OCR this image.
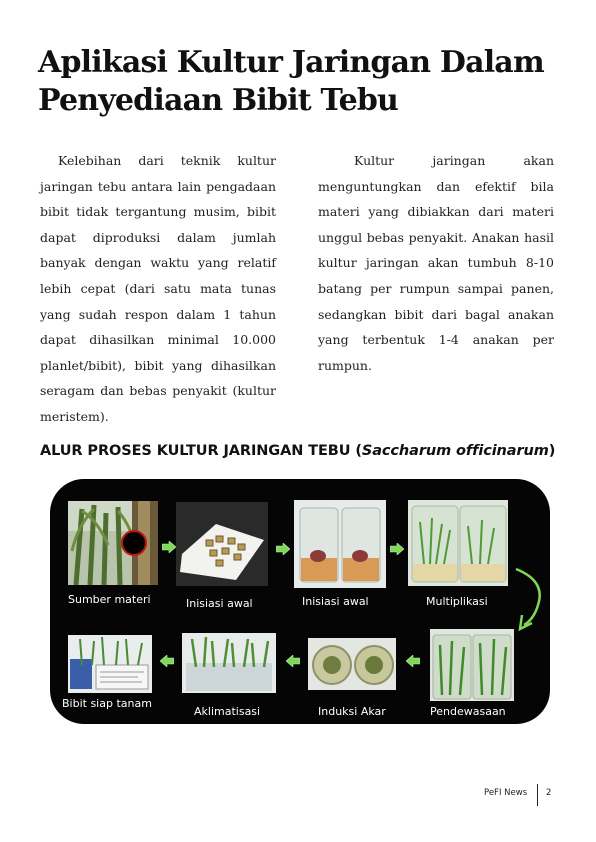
Aplikasi Kultur Jaringan Dalam
Penyediaan Bibit Tebu
Kelebihan dari teknik kultur jaringan tebu antara lain pengadaan bibit tidak tergantung musim, bibit dapat diproduksi dalam jumlah banyak dengan waktu yang relatif lebih cepat (dari satu mata tunas yang sudah respon dalam 1 tahun dapat dihasilkan minimal 10.000 planlet/bibit), bibit yang dihasilkan seragam dan bebas penyakit (kultur meristem).
Kultur jaringan akan menguntungkan dan efektif bila materi yang dibiakkan dari materi unggul bebas penyakit. Anakan hasil kultur jaringan akan tumbuh 8-10 batang per rumpun sampai panen, sedangkan bibit dari bagal anakan yang terbentuk 1-4 anakan per rumpun.
ALUR PROSES KULTUR JARINGAN TEBU (Saccharum officinarum)
Sumber materi	Inisiasi awal	Inisiasi awal	Multiplikasi
Pendewasaan
Induksi Akar
Aklimatisasi
Bibit siap tanam
PeFI News 2
